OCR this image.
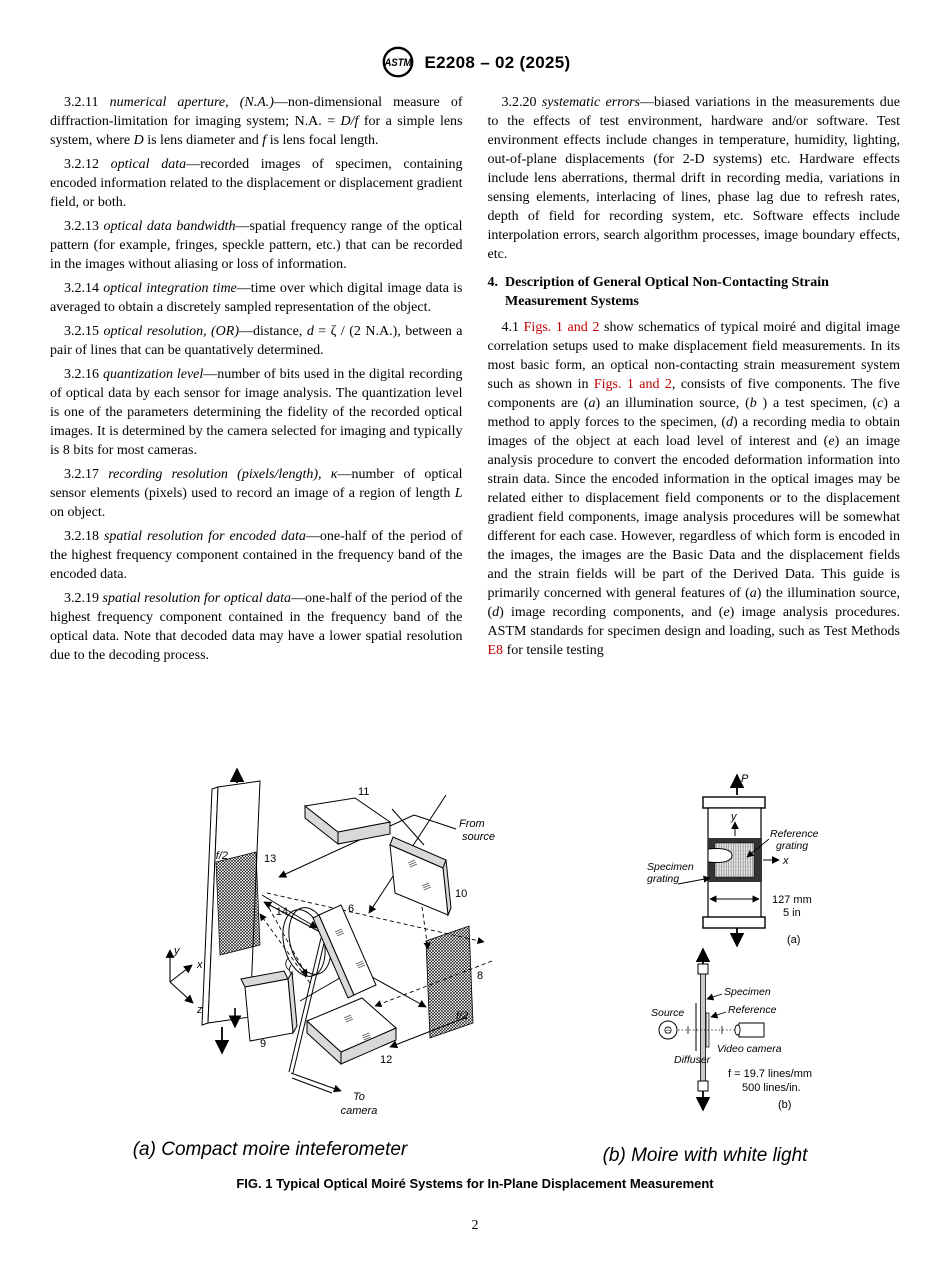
ASTM E2208 – 02 (2025)

3.2.11 numerical aperture, (N.A.)—non-dimensional measure of diffraction-limitation for imaging system; N.A. = D/f for a simple lens system, where D is lens diameter and f is lens focal length.

3.2.12 optical data—recorded images of specimen, containing encoded information related to the displacement or displacement gradient field, or both.

3.2.13 optical data bandwidth—spatial frequency range of the optical pattern (for example, fringes, speckle pattern, etc.) that can be recorded in the images without aliasing or loss of information.

3.2.14 optical integration time—time over which digital image data is averaged to obtain a discretely sampled representation of the object.

3.2.15 optical resolution, (OR)—distance, d = ζ / (2 N.A.), between a pair of lines that can be quantatively determined.

3.2.16 quantization level—number of bits used in the digital recording of optical data by each sensor for image analysis. The quantization level is one of the parameters determining the fidelity of the recorded optical images. It is determined by the camera selected for imaging and typically is 8 bits for most cameras.

3.2.17 recording resolution (pixels/length), κ—number of optical sensor elements (pixels) used to record an image of a region of length L on object.

3.2.18 spatial resolution for encoded data—one-half of the period of the highest frequency component contained in the frequency band of the encoded data.

3.2.19 spatial resolution for optical data—one-half of the period of the highest frequency component contained in the frequency band of the optical data. Note that decoded data may have a lower spatial resolution due to the decoding process.

3.2.20 systematic errors—biased variations in the measurements due to the effects of test environment, hardware and/or software. Test environment effects include changes in temperature, humidity, lighting, out-of-plane displacements (for 2-D systems) etc. Hardware effects include lens aberrations, thermal drift in recording media, variations in sensing elements, interlacing of lines, phase lag due to refresh rates, depth of field for recording system, etc. Software effects include interpolation errors, search algorithm processes, image boundary effects, etc.

4. Description of General Optical Non-Contacting Strain Measurement Systems

4.1 Figs. 1 and 2 show schematics of typical moiré and digital image correlation setups used to make displacement field measurements. In its most basic form, an optical non-contacting strain measurement system such as shown in Figs. 1 and 2, consists of five components. The five components are (a) an illumination source, (b ) a test specimen, (c) a method to apply forces to the specimen, (d) a recording media to obtain images of the object at each load level of interest and (e) an image analysis procedure to convert the encoded deformation information into strain data. Since the encoded information in the optical images may be related either to displacement field components or to the displacement gradient field components, image analysis procedures will be somewhat different for each case. However, regardless of which form is encoded in the images, the images are the Basic Data and the displacement fields and the strain fields will be part of the Derived Data. This guide is primarily concerned with general features of (a) the illumination source, (d) image recording components, and (e) image analysis procedures. ASTM standards for specimen design and loading, such as Test Methods E8 for tensile testing

13
f/2
11
10
14	6
8
f/2
9
12
From
source
To
camera
y
x
z
P
y
x
Reference
grating
Specimen
grating
127 mm
5 in
(a)
Specimen
Reference
Source
Diffuser
Video camera
f = 19.7 lines/mm
500 lines/in.
(b)
(a) Compact moire inteferometer	(b) Moire with white light
FIG. 1 Typical Optical Moiré Systems for In-Plane Displacement Measurement
2
